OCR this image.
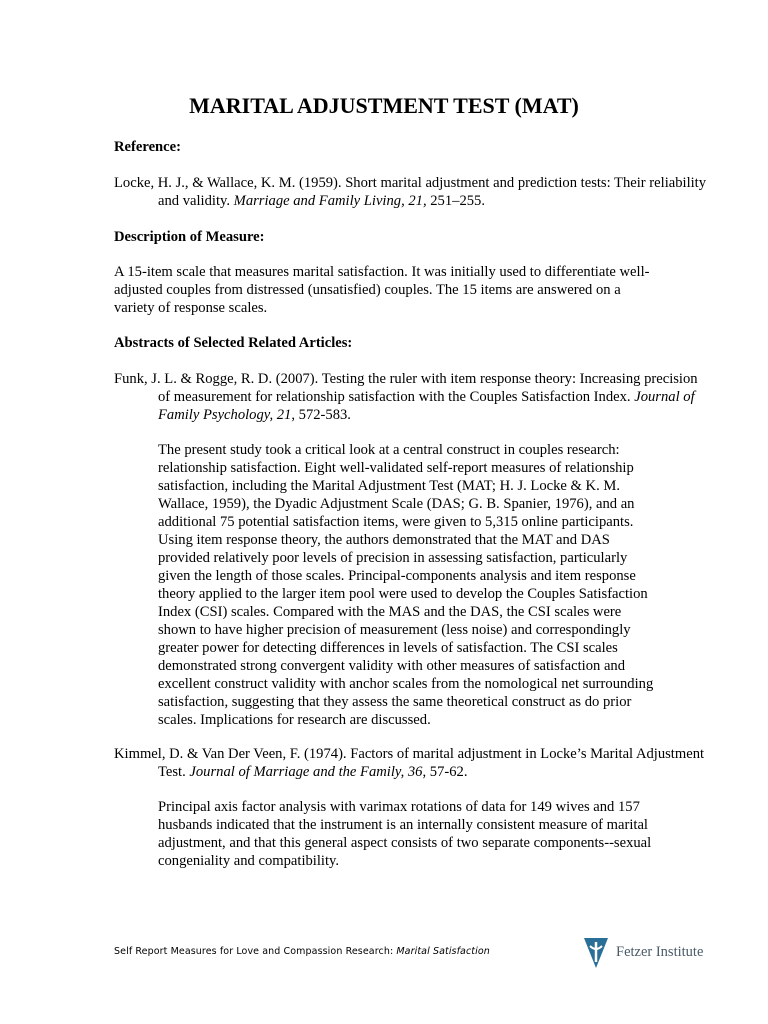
MARITAL ADJUSTMENT TEST (MAT)
Reference:
Locke, H. J., & Wallace, K. M. (1959). Short marital adjustment and prediction tests: Their reliability and validity. Marriage and Family Living, 21, 251–255.
Description of Measure:
A 15-item scale that measures marital satisfaction. It was initially used to differentiate well-adjusted couples from distressed (unsatisfied) couples. The 15 items are answered on a variety of response scales.
Abstracts of Selected Related Articles:
Funk, J. L. & Rogge, R. D. (2007). Testing the ruler with item response theory: Increasing precision of measurement for relationship satisfaction with the Couples Satisfaction Index. Journal of Family Psychology, 21, 572-583.
The present study took a critical look at a central construct in couples research: relationship satisfaction. Eight well-validated self-report measures of relationship satisfaction, including the Marital Adjustment Test (MAT; H. J. Locke & K. M. Wallace, 1959), the Dyadic Adjustment Scale (DAS; G. B. Spanier, 1976), and an additional 75 potential satisfaction items, were given to 5,315 online participants. Using item response theory, the authors demonstrated that the MAT and DAS provided relatively poor levels of precision in assessing satisfaction, particularly given the length of those scales. Principal-components analysis and item response theory applied to the larger item pool were used to develop the Couples Satisfaction Index (CSI) scales. Compared with the MAS and the DAS, the CSI scales were shown to have higher precision of measurement (less noise) and correspondingly greater power for detecting differences in levels of satisfaction. The CSI scales demonstrated strong convergent validity with other measures of satisfaction and excellent construct validity with anchor scales from the nomological net surrounding satisfaction, suggesting that they assess the same theoretical construct as do prior scales. Implications for research are discussed.
Kimmel, D. & Van Der Veen, F. (1974). Factors of marital adjustment in Locke’s Marital Adjustment Test. Journal of Marriage and the Family, 36, 57-62.
Principal axis factor analysis with varimax rotations of data for 149 wives and 157 husbands indicated that the instrument is an internally consistent measure of marital adjustment, and that this general aspect consists of two separate components--sexual congeniality and compatibility.
Self Report Measures for Love and Compassion Research: Marital Satisfaction	Fetzer Institute
